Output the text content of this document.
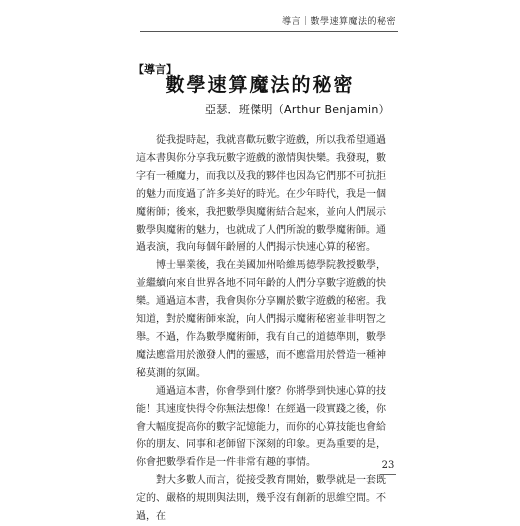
導言｜數學速算魔法的秘密
【導言】
數學速算魔法的秘密
亞瑟．班傑明（Arthur Benjamin）

從我提時起，我就喜歡玩數字遊戲，所以我希望通過這本書與你分享我玩數字遊戲的激情與快樂。我發現，數字有一種魔力，而我以及我的夥伴也因為它們那不可抗拒的魅力而度過了許多美好的時光。在少年時代，我是一個魔術師；後來，我把數學與魔術結合起來，並向人們展示數學與魔術的魅力，也就成了人們所說的數學魔術師。通過表演，我向每個年齡層的人們揭示快速心算的秘密。

博士畢業後，我在美國加州哈維馬德學院教授數學，並繼續向來自世界各地不同年齡的人們分享數字遊戲的快樂。通過這本書，我會與你分享關於數字遊戲的秘密。我知道，對於魔術師來說，向人們揭示魔術秘密並非明智之舉。不過，作為數學魔術師，我有自己的道德準則，數學魔法應當用於激發人們的靈感，而不應當用於營造一種神秘莫測的氛圍。

通過這本書，你會學到什麼？你將學到快速心算的技能！其速度快得令你無法想像！在經過一段實踐之後，你會大幅度提高你的數字記憶能力，而你的心算技能也會給你的朋友、同事和老師留下深刻的印象。更為重要的是，你會把數學看作是一件非常有趣的事情。

對大多數人而言，從接受教育開始，數學就是一套既定的、嚴格的規則與法則，幾乎沒有創新的思維空間。不過，在

23
